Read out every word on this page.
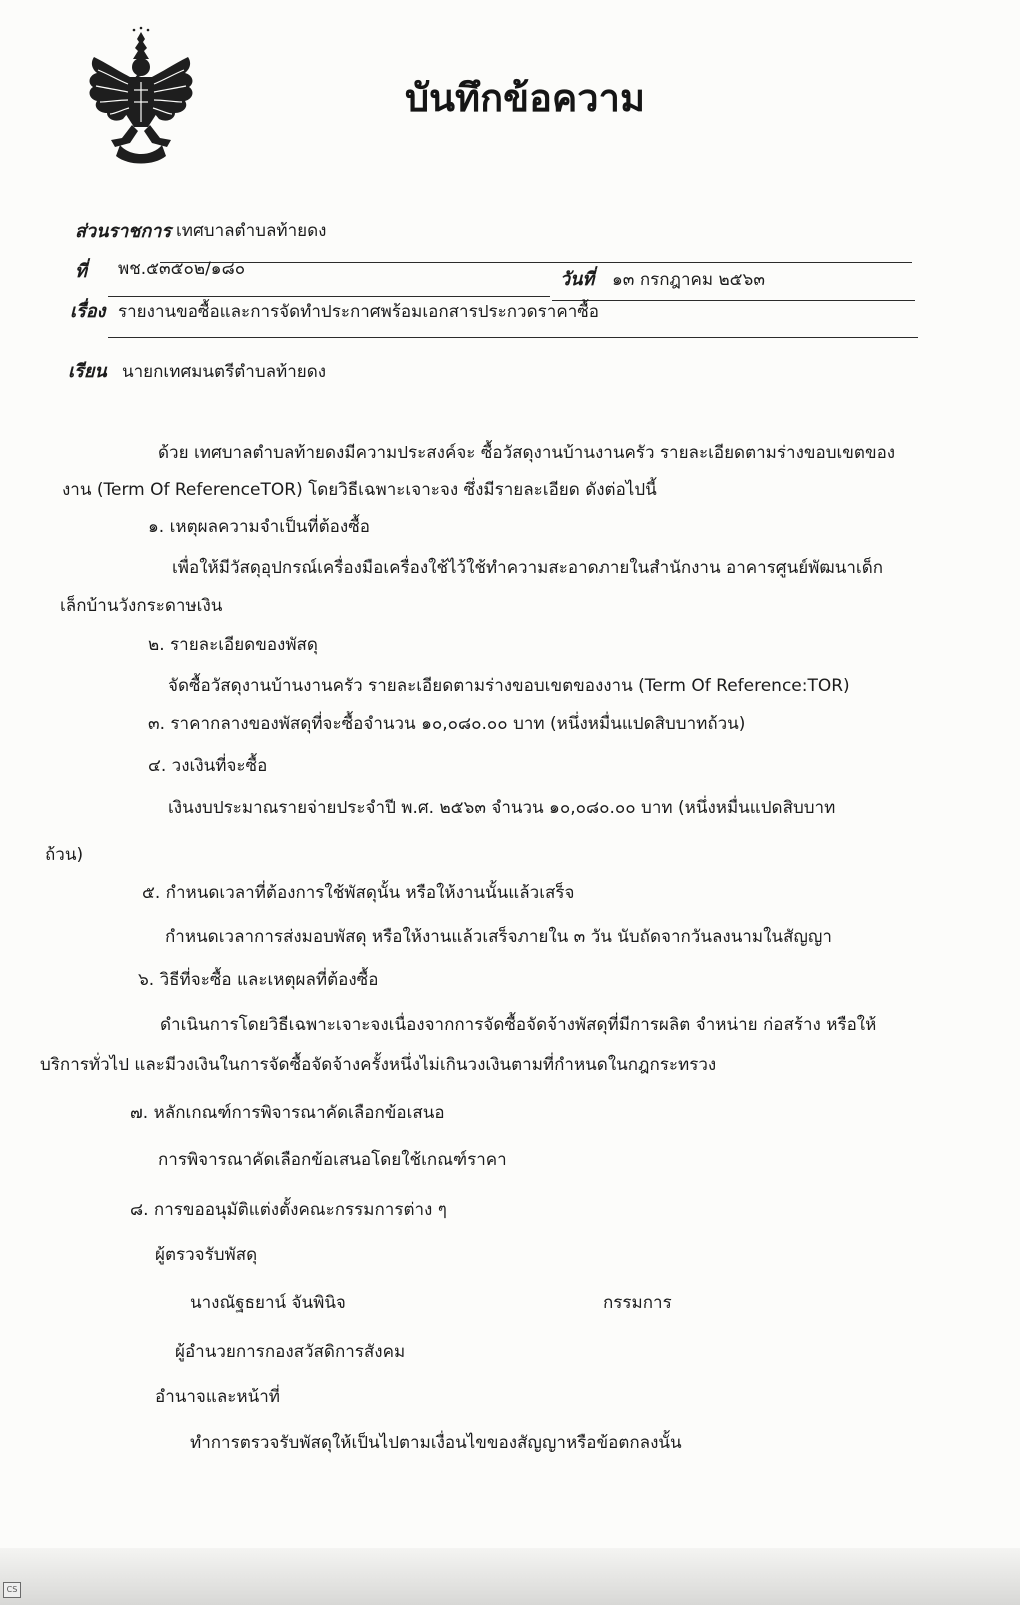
บันทึกข้อความ
ส่วนราชการ เทศบาลตำบลท้ายดง
ที่ พช.๕๓๕๐๒/๑๘๐	วันที่ ๑๓ กรกฎาคม ๒๕๖๓
เรื่อง รายงานขอซื้อและการจัดทำประกาศพร้อมเอกสารประกวดราคาซื้อ
เรียน นายกเทศมนตรีตำบลท้ายดง
ด้วย เทศบาลตำบลท้ายดงมีความประสงค์จะ ซื้อวัสดุงานบ้านงานครัว รายละเอียดตามร่างขอบเขตของ
งาน (Term Of ReferenceTOR) โดยวิธีเฉพาะเจาะจง ซึ่งมีรายละเอียด ดังต่อไปนี้
๑. เหตุผลความจำเป็นที่ต้องซื้อ
เพื่อให้มีวัสดุอุปกรณ์เครื่องมือเครื่องใช้ไว้ใช้ทำความสะอาดภายในสำนักงาน อาคารศูนย์พัฒนาเด็ก
เล็กบ้านวังกระดาษเงิน
๒. รายละเอียดของพัสดุ
จัดซื้อวัสดุงานบ้านงานครัว รายละเอียดตามร่างขอบเขตของงาน (Term Of Reference:TOR)
๓. ราคากลางของพัสดุที่จะซื้อจำนวน ๑๐,๐๘๐.๐๐ บาท (หนึ่งหมื่นแปดสิบบาทถ้วน)
๔. วงเงินที่จะซื้อ
เงินงบประมาณรายจ่ายประจำปี พ.ศ. ๒๕๖๓ จำนวน ๑๐,๐๘๐.๐๐ บาท (หนึ่งหมื่นแปดสิบบาท
ถ้วน)
๕. กำหนดเวลาที่ต้องการใช้พัสดุนั้น หรือให้งานนั้นแล้วเสร็จ
กำหนดเวลาการส่งมอบพัสดุ หรือให้งานแล้วเสร็จภายใน ๓ วัน นับถัดจากวันลงนามในสัญญา
๖. วิธีที่จะซื้อ และเหตุผลที่ต้องซื้อ
ดำเนินการโดยวิธีเฉพาะเจาะจงเนื่องจากการจัดซื้อจัดจ้างพัสดุที่มีการผลิต จำหน่าย ก่อสร้าง หรือให้
บริการทั่วไป และมีวงเงินในการจัดซื้อจัดจ้างครั้งหนึ่งไม่เกินวงเงินตามที่กำหนดในกฎกระทรวง
๗. หลักเกณฑ์การพิจารณาคัดเลือกข้อเสนอ
การพิจารณาคัดเลือกข้อเสนอโดยใช้เกณฑ์ราคา
๘. การขออนุมัติแต่งตั้งคณะกรรมการต่าง ๆ
ผู้ตรวจรับพัสดุ
นางณัฐธยาน์ จันพินิจ	กรรมการ
ผู้อำนวยการกองสวัสดิการสังคม
อำนาจและหน้าที่
ทำการตรวจรับพัสดุให้เป็นไปตามเงื่อนไขของสัญญาหรือข้อตกลงนั้น
CS
